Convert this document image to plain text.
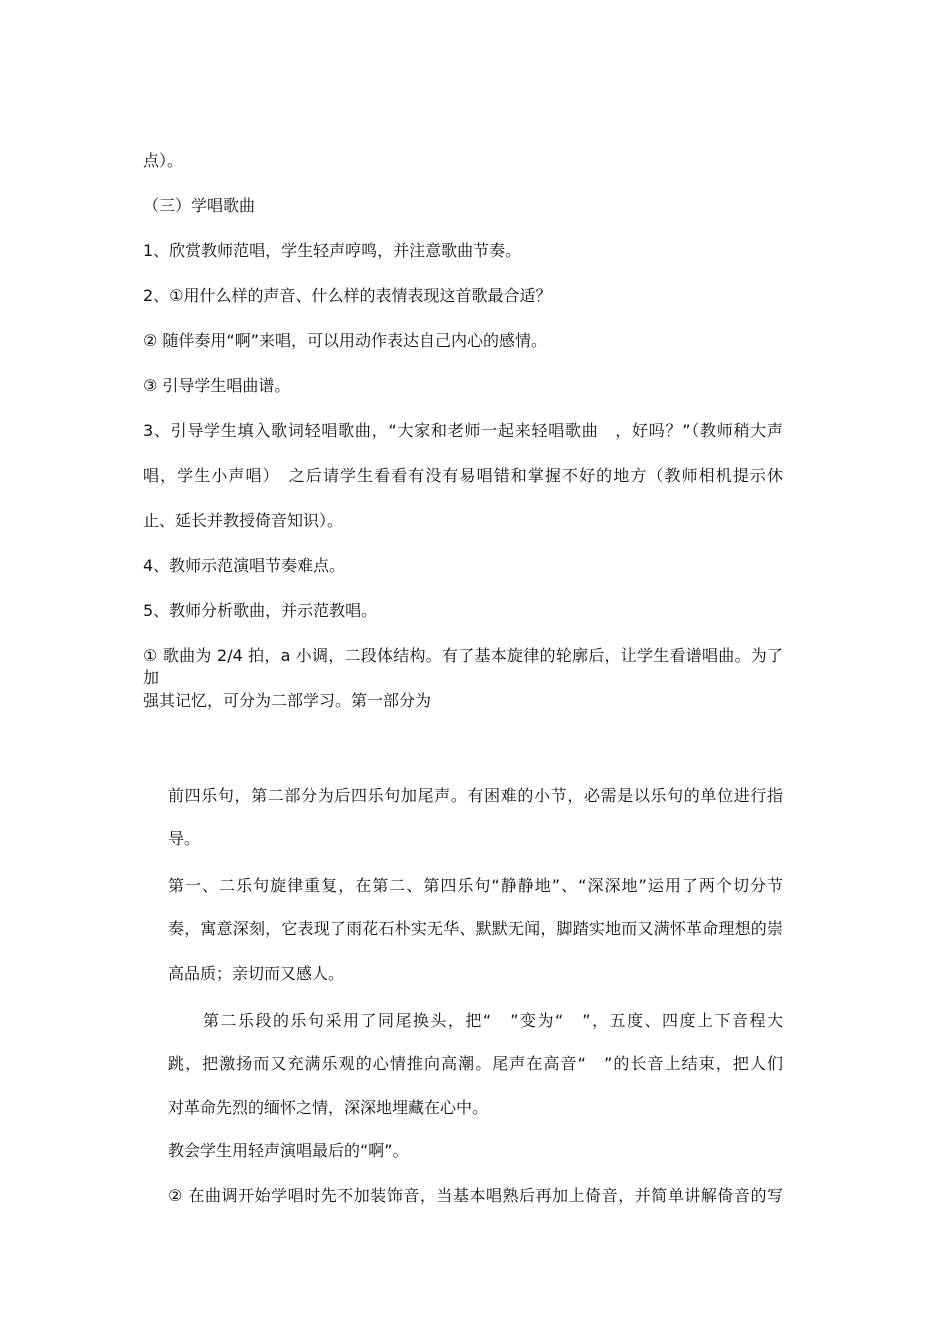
点）。

（三）学唱歌曲

1、欣赏教师范唱，学生轻声哼鸣，并注意歌曲节奏。

2、①用什么样的声音、什么样的表情表现这首歌最合适？

② 随伴奏用“啊”来唱，可以用动作表达自己内心的感情。

③ 引导学生唱曲谱。

3、引导学生填入歌词轻唱歌曲，“大家和老师一起来轻唱歌曲　，好吗？”（教师稍大声

唱，学生小声唱）　之后请学生看看有没有易唱错和掌握不好的地方（教师相机提示休

止、延长并教授倚音知识）。

4、教师示范演唱节奏难点。

5、教师分析歌曲，并示范教唱。

① 歌曲为 2/4 拍，a 小调，二段体结构。有了基本旋律的轮廓后，让学生看谱唱曲。为了加

强其记忆，可分为二部学习。第一部分为

前四乐句，第二部分为后四乐句加尾声。有困难的小节，必需是以乐句的单位进行指

导。

第一、二乐句旋律重复，在第二、第四乐句“静静地”、“深深地”运用了两个切分节

奏，寓意深刻，它表现了雨花石朴实无华、默默无闻，脚踏实地而又满怀革命理想的崇

高品质；亲切而又感人。

　　第二乐段的乐句采用了同尾换头，把“　”变为“　”，五度、四度上下音程大

跳，把激扬而又充满乐观的心情推向高潮。尾声在高音“　”的长音上结束，把人们

对革命先烈的缅怀之情，深深地埋藏在心中。

教会学生用轻声演唱最后的“啊”。

② 在曲调开始学唱时先不加装饰音，当基本唱熟后再加上倚音，并简单讲解倚音的写
